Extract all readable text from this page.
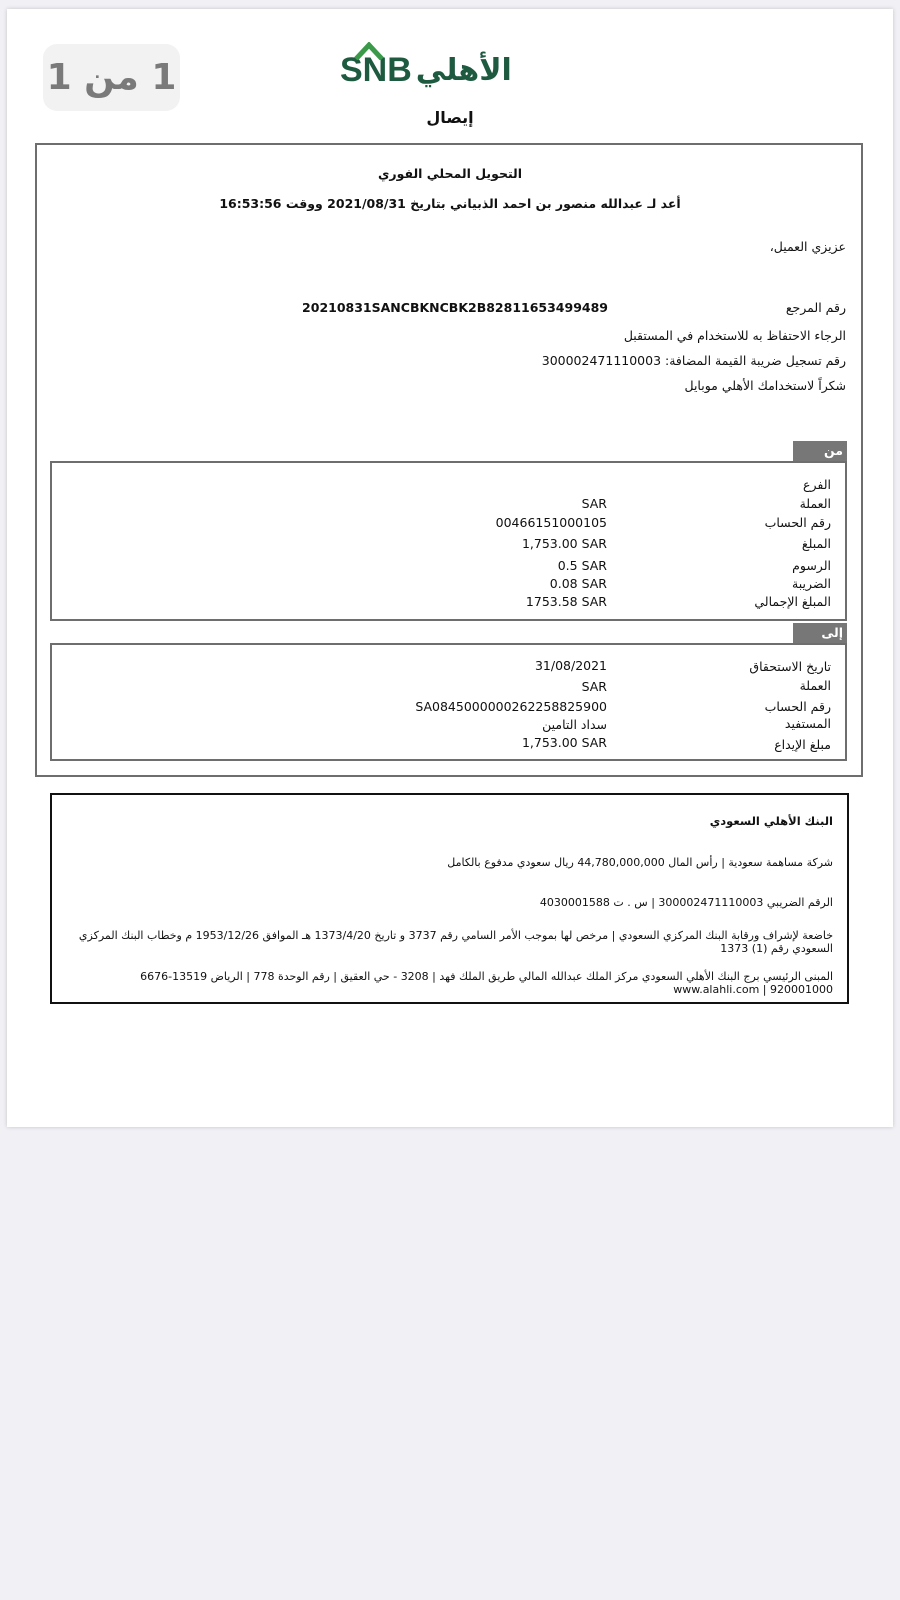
1 من 1	SNB الأهلي
إيصال
التحويل المحلي الفوري
أعد لـ عبدالله منصور بن احمد الذبياني بتاريخ 2021/08/31 ووقت 16:53:56
عزيزي العميل،
رقم المرجع
20210831SANCBKNCBK2B82811653499489
الرجاء الاحتفاظ به للاستخدام في المستقبل
رقم تسجيل ضريبة القيمة المضافة: 300002471110003
شكراً لاستخدامك الأهلي موبايل
من
الفرع
العملة
SAR
رقم الحساب
00466151000105
المبلغ
1,753.00 SAR
الرسوم
0.5 SAR
الضريبة
0.08 SAR
المبلغ الإجمالي
1753.58 SAR
إلى
تاريخ الاستحقاق
31/08/2021
العملة
SAR
رقم الحساب
SA0845000000262258825900
المستفيد
سداد التامين
مبلغ الإيداع
1,753.00 SAR
البنك الأهلي السعودي
شركة مساهمة سعودية | رأس المال 44,780,000,000 ريال سعودي مدفوع بالكامل
الرقم الضريبي 300002471110003 | س . ت 4030001588
خاضعة لإشراف ورقابة البنك المركزي السعودي | مرخص لها بموجب الأمر السامي رقم 3737 و تاريخ 1373/4/20 هـ الموافق 1953/12/26 م وخطاب البنك المركزي السعودي رقم (1) 1373
المبنى الرئيسي برج البنك الأهلي السعودي مركز الملك عبدالله المالي طريق الملك فهد | 3208 - حي العقيق | رقم الوحدة 778 | الرياض 13519-6676
www.alahli.com | 920001000
